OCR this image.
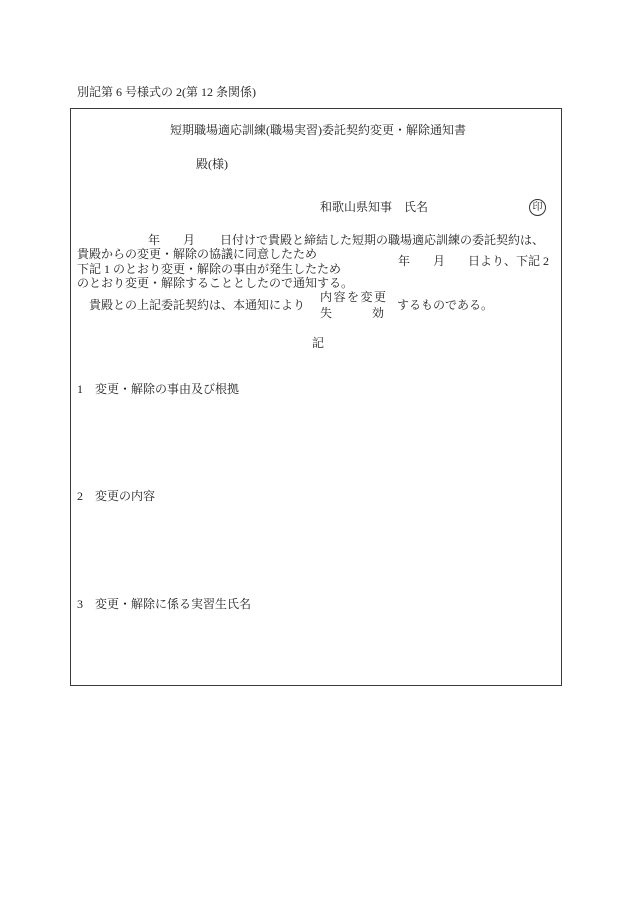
別記第 6 号様式の 2(第 12 条関係)
短期職場適応訓練(職場実習)委託契約変更・解除通知書
殿(様)
和歌山県知事　氏名	印
年 月 日付けで貴殿と締結した短期の職場適応訓練の委託契約は、
貴殿からの変更・解除の協議に同意したため
下記 1 のとおり変更・解除の事由が発生したため
年 月 日より、下記 2
のとおり変更・解除することとしたので通知する。
内容を変更
貴殿との上記委託契約は、本通知により	するものである。
失	効
記
1 変更・解除の事由及び根拠
2 変更の内容
3 変更・解除に係る実習生氏名
